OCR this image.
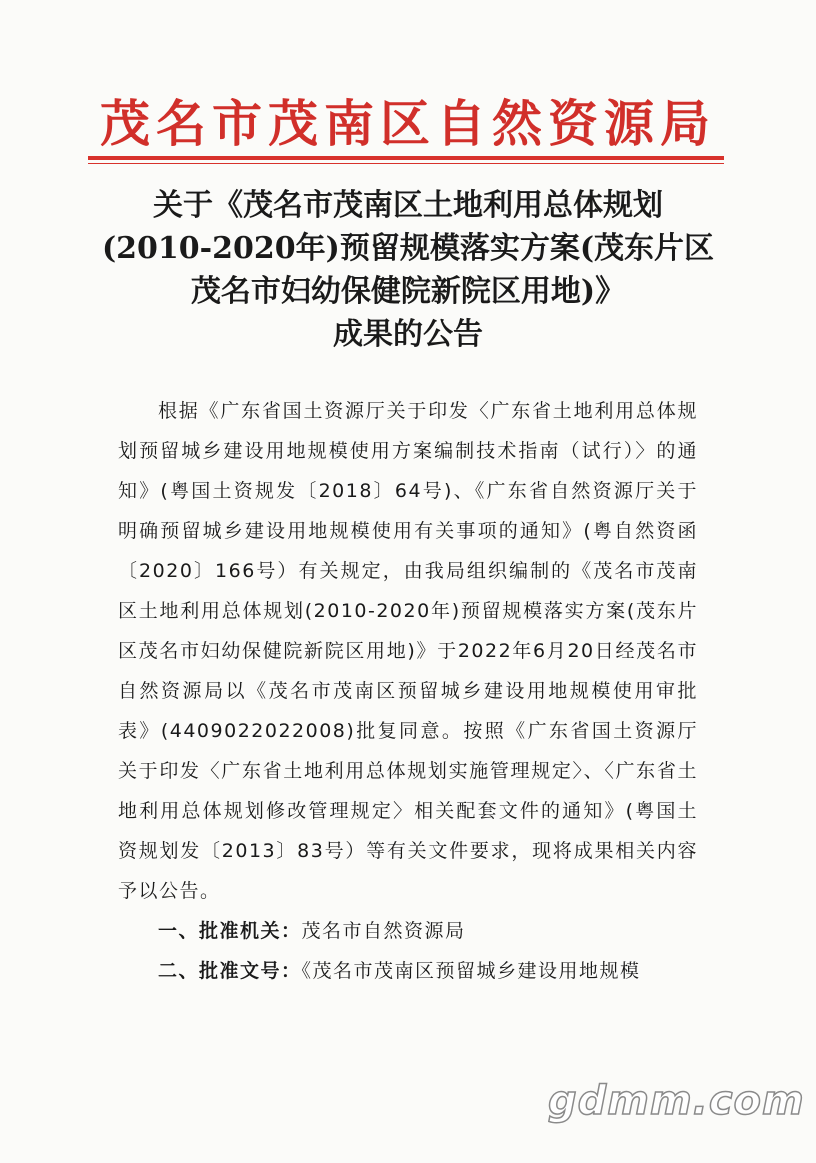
茂名市茂南区自然资源局
关于《茂名市茂南区土地利用总体规划
(2010-2020年)预留规模落实方案(茂东片区
茂名市妇幼保健院新院区用地)》
成果的公告

根据《广东省国土资源厅关于印发〈广东省土地利用总体规划预留城乡建设用地规模使用方案编制技术指南（试行）〉的通知》(粤国土资规发〔2018〕64号)、《广东省自然资源厅关于明确预留城乡建设用地规模使用有关事项的通知》(粤自然资函〔2020〕166号）有关规定，由我局组织编制的《茂名市茂南区土地利用总体规划(2010-2020年)预留规模落实方案(茂东片区茂名市妇幼保健院新院区用地)》于2022年6月20日经茂名市自然资源局以《茂名市茂南区预留城乡建设用地规模使用审批表》(4409022022008)批复同意。按照《广东省国土资源厅关于印发〈广东省土地利用总体规划实施管理规定〉、〈广东省土地利用总体规划修改管理规定〉相关配套文件的通知》(粤国土资规划发〔2013〕83号）等有关文件要求，现将成果相关内容予以公告。

一、批准机关：茂名市自然资源局

二、批准文号：《茂名市茂南区预留城乡建设用地规模

gdmm.com
